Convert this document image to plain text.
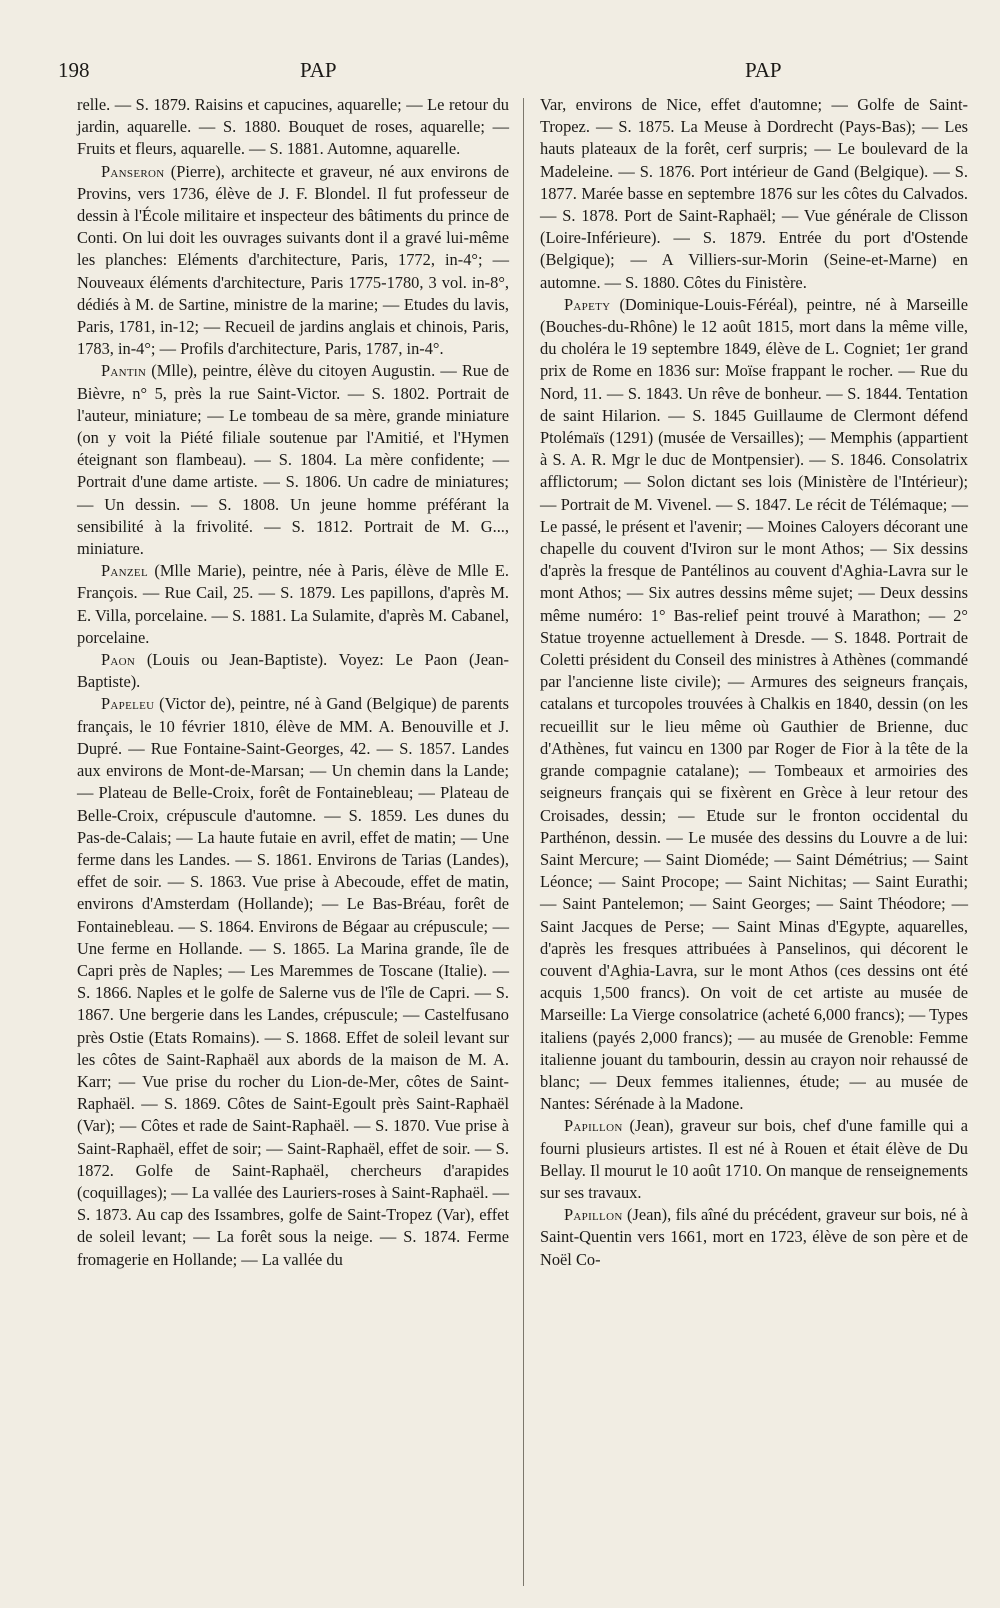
198	PAP	PAP

relle. — S. 1879. Raisins et capucines, aquarelle; — Le retour du jardin, aquarelle. — S. 1880. Bouquet de roses, aquarelle; — Fruits et fleurs, aquarelle. — S. 1881. Automne, aquarelle.

Panseron (Pierre), architecte et graveur, né aux environs de Provins, vers 1736, élève de J. F. Blondel. Il fut professeur de dessin à l'École militaire et inspecteur des bâtiments du prince de Conti. On lui doit les ouvrages suivants dont il a gravé lui-même les planches: Eléments d'architecture, Paris, 1772, in-4°; — Nouveaux éléments d'architecture, Paris 1775-1780, 3 vol. in-8°, dédiés à M. de Sartine, ministre de la marine; — Etudes du lavis, Paris, 1781, in-12; — Recueil de jardins anglais et chinois, Paris, 1783, in-4°; — Profils d'architecture, Paris, 1787, in-4°.

Pantin (Mlle), peintre, élève du citoyen Augustin. — Rue de Bièvre, n° 5, près la rue Saint-Victor. — S. 1802. Portrait de l'auteur, miniature; — Le tombeau de sa mère, grande miniature (on y voit la Piété filiale soutenue par l'Amitié, et l'Hymen éteignant son flambeau). — S. 1804. La mère confidente; — Portrait d'une dame artiste. — S. 1806. Un cadre de miniatures; — Un dessin. — S. 1808. Un jeune homme préférant la sensibilité à la frivolité. — S. 1812. Portrait de M. G..., miniature.

Panzel (Mlle Marie), peintre, née à Paris, élève de Mlle E. François. — Rue Cail, 25. — S. 1879. Les papillons, d'après M. E. Villa, porcelaine. — S. 1881. La Sulamite, d'après M. Cabanel, porcelaine.

Paon (Louis ou Jean-Baptiste). Voyez: Le Paon (Jean-Baptiste).

Papeleu (Victor de), peintre, né à Gand (Belgique) de parents français, le 10 février 1810, élève de MM. A. Benouville et J. Dupré. — Rue Fontaine-Saint-Georges, 42. — S. 1857. Landes aux environs de Mont-de-Marsan; — Un chemin dans la Lande; — Plateau de Belle-Croix, forêt de Fontainebleau; — Plateau de Belle-Croix, crépuscule d'automne. — S. 1859. Les dunes du Pas-de-Calais; — La haute futaie en avril, effet de matin; — Une ferme dans les Landes. — S. 1861. Environs de Tarias (Landes), effet de soir. — S. 1863. Vue prise à Abecoude, effet de matin, environs d'Amsterdam (Hollande); — Le Bas-Bréau, forêt de Fontainebleau. — S. 1864. Environs de Bégaar au crépuscule; — Une ferme en Hollande. — S. 1865. La Marina grande, île de Capri près de Naples; — Les Maremmes de Toscane (Italie). — S. 1866. Naples et le golfe de Salerne vus de l'île de Capri. — S. 1867. Une bergerie dans les Landes, crépuscule; — Castelfusano près Ostie (Etats Romains). — S. 1868. Effet de soleil levant sur les côtes de Saint-Raphaël aux abords de la maison de M. A. Karr; — Vue prise du rocher du Lion-de-Mer, côtes de Saint-Raphaël. — S. 1869. Côtes de Saint-Egoult près Saint-Raphaël (Var); — Côtes et rade de Saint-Raphaël. — S. 1870. Vue prise à Saint-Raphaël, effet de soir; — Saint-Raphaël, effet de soir. — S. 1872. Golfe de Saint-Raphaël, chercheurs d'arapides (coquillages); — La vallée des Lauriers-roses à Saint-Raphaël. — S. 1873. Au cap des Issambres, golfe de Saint-Tropez (Var), effet de soleil levant; — La forêt sous la neige. — S. 1874. Ferme fromagerie en Hollande; — La vallée du

Var, environs de Nice, effet d'automne; — Golfe de Saint-Tropez. — S. 1875. La Meuse à Dordrecht (Pays-Bas); — Les hauts plateaux de la forêt, cerf surpris; — Le boulevard de la Madeleine. — S. 1876. Port intérieur de Gand (Belgique). — S. 1877. Marée basse en septembre 1876 sur les côtes du Calvados. — S. 1878. Port de Saint-Raphaël; — Vue générale de Clisson (Loire-Inférieure). — S. 1879. Entrée du port d'Ostende (Belgique); — A Villiers-sur-Morin (Seine-et-Marne) en automne. — S. 1880. Côtes du Finistère.

Papety (Dominique-Louis-Féréal), peintre, né à Marseille (Bouches-du-Rhône) le 12 août 1815, mort dans la même ville, du choléra le 19 septembre 1849, élève de L. Cogniet; 1er grand prix de Rome en 1836 sur: Moïse frappant le rocher. — Rue du Nord, 11. — S. 1843. Un rêve de bonheur. — S. 1844. Tentation de saint Hilarion. — S. 1845 Guillaume de Clermont défend Ptolémaïs (1291) (musée de Versailles); — Memphis (appartient à S. A. R. Mgr le duc de Montpensier). — S. 1846. Consolatrix afflictorum; — Solon dictant ses lois (Ministère de l'Intérieur); — Portrait de M. Vivenel. — S. 1847. Le récit de Télémaque; — Le passé, le présent et l'avenir; — Moines Caloyers décorant une chapelle du couvent d'Iviron sur le mont Athos; — Six dessins d'après la fresque de Pantélinos au couvent d'Aghia-Lavra sur le mont Athos; — Six autres dessins même sujet; — Deux dessins même numéro: 1° Bas-relief peint trouvé à Marathon; — 2° Statue troyenne actuellement à Dresde. — S. 1848. Portrait de Coletti président du Conseil des ministres à Athènes (commandé par l'ancienne liste civile); — Armures des seigneurs français, catalans et turcopoles trouvées à Chalkis en 1840, dessin (on les recueillit sur le lieu même où Gauthier de Brienne, duc d'Athènes, fut vaincu en 1300 par Roger de Fior à la tête de la grande compagnie catalane); — Tombeaux et armoiries des seigneurs français qui se fixèrent en Grèce à leur retour des Croisades, dessin; — Etude sur le fronton occidental du Parthénon, dessin. — Le musée des dessins du Louvre a de lui: Saint Mercure; — Saint Dioméde; — Saint Démétrius; — Saint Léonce; — Saint Procope; — Saint Nichitas; — Saint Eurathi; — Saint Pantelemon; — Saint Georges; — Saint Théodore; — Saint Jacques de Perse; — Saint Minas d'Egypte, aquarelles, d'après les fresques attribuées à Panselinos, qui décorent le couvent d'Aghia-Lavra, sur le mont Athos (ces dessins ont été acquis 1,500 francs). On voit de cet artiste au musée de Marseille: La Vierge consolatrice (acheté 6,000 francs); — Types italiens (payés 2,000 francs); — au musée de Grenoble: Femme italienne jouant du tambourin, dessin au crayon noir rehaussé de blanc; — Deux femmes italiennes, étude; — au musée de Nantes: Sérénade à la Madone.

Papillon (Jean), graveur sur bois, chef d'une famille qui a fourni plusieurs artistes. Il est né à Rouen et était élève de Du Bellay. Il mourut le 10 août 1710. On manque de renseignements sur ses travaux.

Papillon (Jean), fils aîné du précédent, graveur sur bois, né à Saint-Quentin vers 1661, mort en 1723, élève de son père et de Noël Co-
